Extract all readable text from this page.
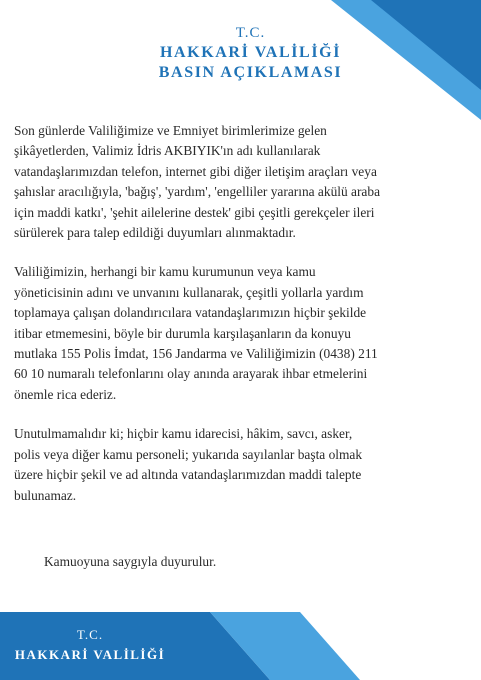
T.C.
HAKKARİ VALİLİĞİ
BASIN AÇIKLAMASI

Son günlerde Valiliğimize ve Emniyet birimlerimize gelen
şikâyetlerden, Valimiz İdris AKBIYIK'ın adı kullanılarak
vatandaşlarımızdan telefon, internet gibi diğer iletişim araçları veya
şahıslar aracılığıyla, 'bağış', 'yardım', 'engelliler yararına akülü araba
için maddi katkı', 'şehit ailelerine destek' gibi çeşitli gerekçeler ileri
sürülerek para talep edildiği duyumları alınmaktadır.

Valiliğimizin, herhangi bir kamu kurumunun veya kamu
yöneticisinin adını ve unvanını kullanarak, çeşitli yollarla yardım
toplamaya çalışan dolandırıcılara vatandaşlarımızın hiçbir şekilde
itibar etmemesini, böyle bir durumla karşılaşanların da konuyu
mutlaka 155 Polis İmdat, 156 Jandarma ve Valiliğimizin (0438) 211
60 10 numaralı telefonlarını olay anında arayarak ihbar etmelerini
önemle rica ederiz.

Unutulmamalıdır ki; hiçbir kamu idarecisi, hâkim, savcı, asker,
polis veya diğer kamu personeli; yukarıda sayılanlar başta olmak
üzere hiçbir şekil ve ad altında vatandaşlarımızdan maddi talepte
bulunamaz.

Kamuoyuna saygıyla duyurulur.
T.C.
HAKKARİ VALİLİĞİ
